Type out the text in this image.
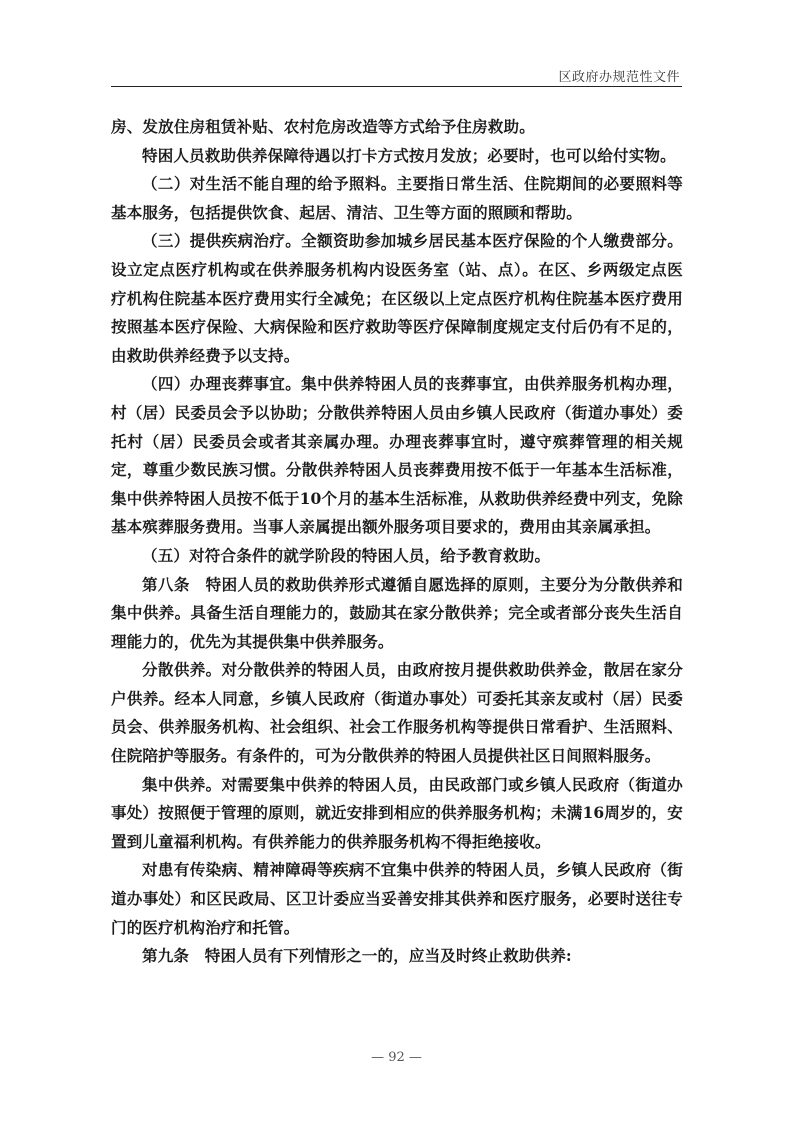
区政府办规范性文件

房、发放住房租赁补贴、农村危房改造等方式给予住房救助。

特困人员救助供养保障待遇以打卡方式按月发放；必要时，也可以给付实物。

（二）对生活不能自理的给予照料。主要指日常生活、住院期间的必要照料等基本服务，包括提供饮食、起居、清洁、卫生等方面的照顾和帮助。

（三）提供疾病治疗。全额资助参加城乡居民基本医疗保险的个人缴费部分。设立定点医疗机构或在供养服务机构内设医务室（站、点）。在区、乡两级定点医疗机构住院基本医疗费用实行全减免；在区级以上定点医疗机构住院基本医疗费用按照基本医疗保险、大病保险和医疗救助等医疗保障制度规定支付后仍有不足的，由救助供养经费予以支持。

（四）办理丧葬事宜。集中供养特困人员的丧葬事宜，由供养服务机构办理，村（居）民委员会予以协助；分散供养特困人员由乡镇人民政府（街道办事处）委托村（居）民委员会或者其亲属办理。办理丧葬事宜时，遵守殡葬管理的相关规定，尊重少数民族习惯。分散供养特困人员丧葬费用按不低于一年基本生活标准，集中供养特困人员按不低于10个月的基本生活标准，从救助供养经费中列支，免除基本殡葬服务费用。当事人亲属提出额外服务项目要求的，费用由其亲属承担。

（五）对符合条件的就学阶段的特困人员，给予教育救助。

第八条　特困人员的救助供养形式遵循自愿选择的原则，主要分为分散供养和集中供养。具备生活自理能力的，鼓励其在家分散供养；完全或者部分丧失生活自理能力的，优先为其提供集中供养服务。

分散供养。对分散供养的特困人员，由政府按月提供救助供养金，散居在家分户供养。经本人同意，乡镇人民政府（街道办事处）可委托其亲友或村（居）民委员会、供养服务机构、社会组织、社会工作服务机构等提供日常看护、生活照料、住院陪护等服务。有条件的，可为分散供养的特困人员提供社区日间照料服务。

集中供养。对需要集中供养的特困人员，由民政部门或乡镇人民政府（街道办事处）按照便于管理的原则，就近安排到相应的供养服务机构；未满16周岁的，安置到儿童福利机构。有供养能力的供养服务机构不得拒绝接收。

对患有传染病、精神障碍等疾病不宜集中供养的特困人员，乡镇人民政府（街道办事处）和区民政局、区卫计委应当妥善安排其供养和医疗服务，必要时送往专门的医疗机构治疗和托管。

第九条　特困人员有下列情形之一的，应当及时终止救助供养:

— 92 —
